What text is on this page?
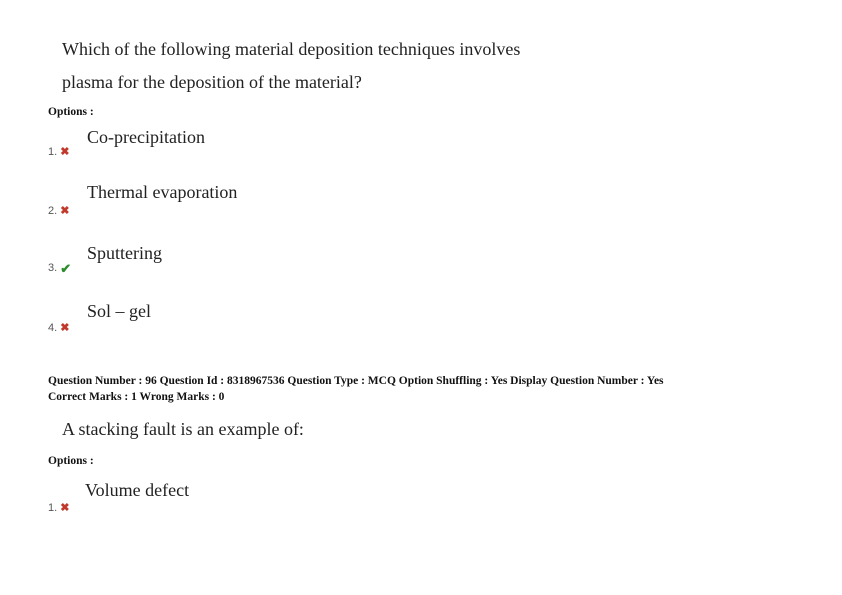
Which of the following material deposition techniques involves
plasma for the deposition of the material?
Options :
Co-precipitation
1. ✖
Thermal evaporation
2. ✖
Sputtering
3. ✔
Sol – gel
4. ✖
Question Number : 96 Question Id : 8318967536 Question Type : MCQ Option Shuffling : Yes Display Question Number : Yes
Correct Marks : 1 Wrong Marks : 0
A stacking fault is an example of:
Options :
Volume defect
1. ✖
